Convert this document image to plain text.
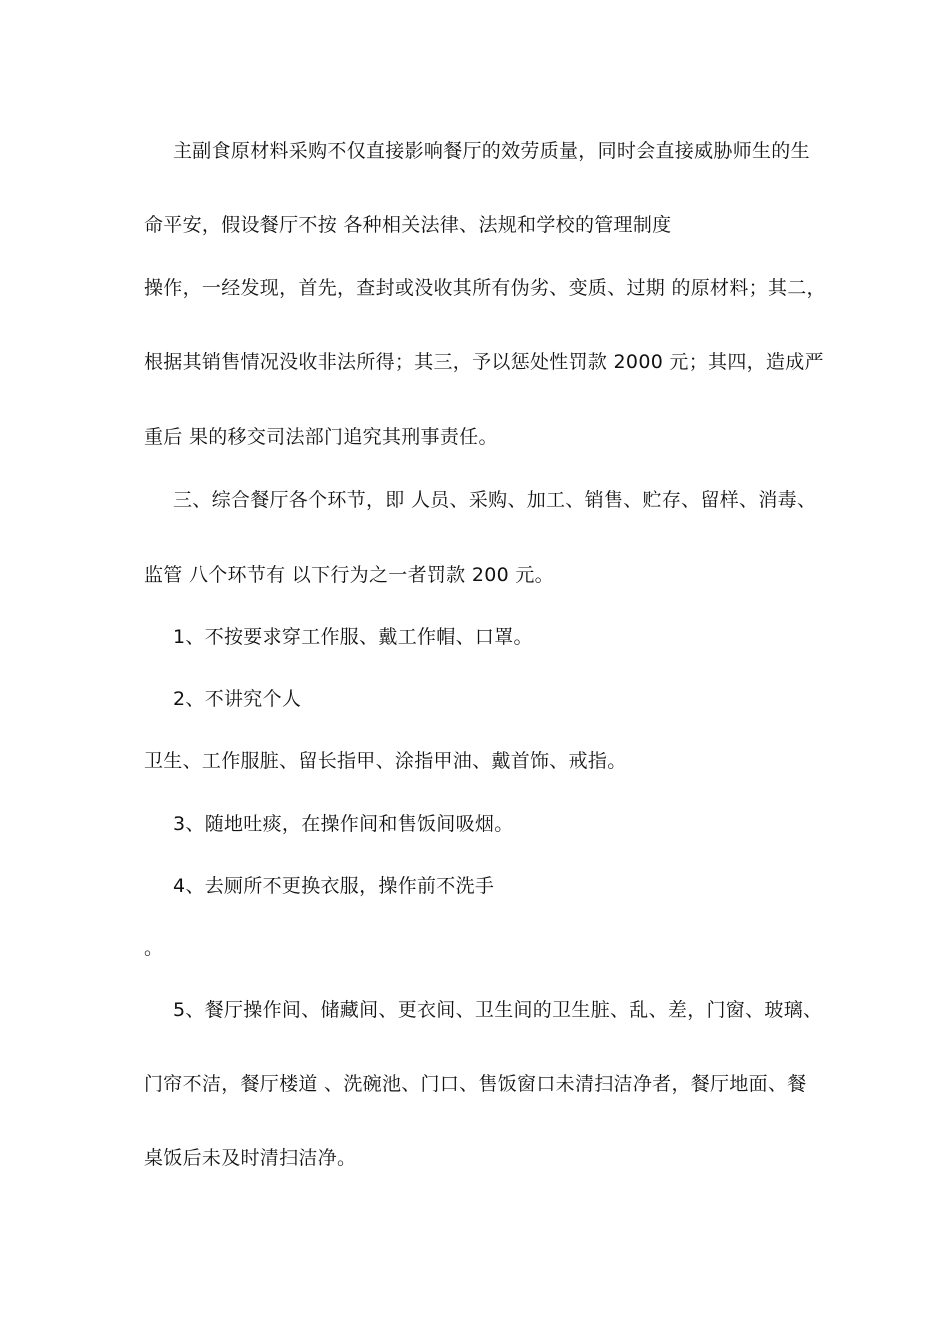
主副食原材料采购不仅直接影响餐厅的效劳质量，同时会直接威胁师生的生
命平安，假设餐厅不按 各种相关法律、法规和学校的管理制度
操作，一经发现，首先，查封或没收其所有伪劣、变质、过期 的原材料；其二，
根据其销售情况没收非法所得；其三，予以惩处性罚款 2000 元；其四，造成严
重后 果的移交司法部门追究其刑事责任。
三、综合餐厅各个环节，即 人员、采购、加工、销售、贮存、留样、消毒、
监管 八个环节有 以下行为之一者罚款 200 元。
1、不按要求穿工作服、戴工作帽、口罩。
2、不讲究个人
卫生、工作服脏、留长指甲、涂指甲油、戴首饰、戒指。
3、随地吐痰，在操作间和售饭间吸烟。
4、去厕所不更换衣服，操作前不洗手
。
5、餐厅操作间、储藏间、更衣间、卫生间的卫生脏、乱、差，门窗、玻璃、
门帘不洁，餐厅楼道 、洗碗池、门口、售饭窗口未清扫洁净者，餐厅地面、餐
桌饭后未及时清扫洁净。
